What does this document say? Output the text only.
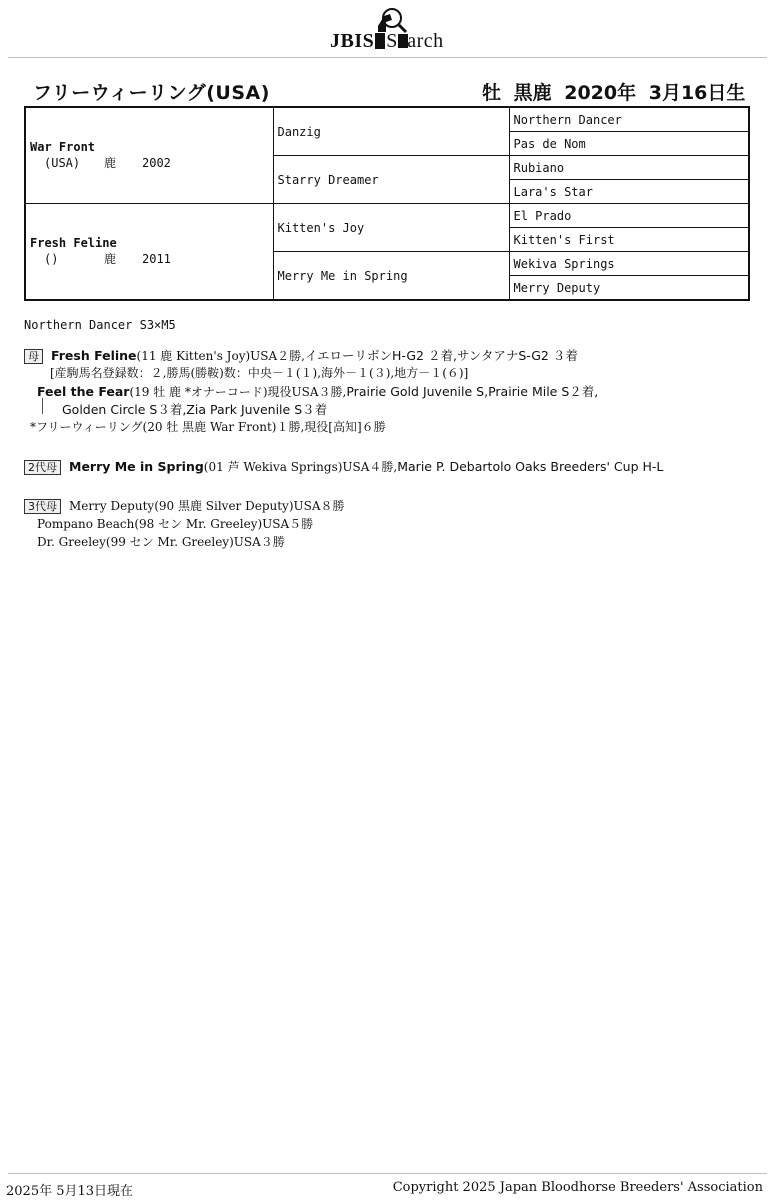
JBIS Search
フリーウィーリング(USA)	牡 黒鹿 2020年 3月16日生
War Front
(USA) 鹿 2002	Danzig	Northern Dancer
		Pas de Nom
	Starry Dreamer	Rubiano
		Lara's Star

Fresh Feline
() 鹿 2011	Kitten's Joy	El Prado
		Kitten's First
	Merry Me in Spring	Wekiva Springs
		Merry Deputy
Northern Dancer S3×M5
母 Fresh Feline(11 鹿 Kitten's Joy)USA２勝,イエローリボンH-G2 ２着,サンタアナS-G2 ３着
[産駒馬名登録数：２,勝馬(勝鞍)数：中央－１(１),海外－１(３),地方－１(６)]
Feel the Fear(19 牡 鹿 *オナーコード)現役USA３勝,Prairie Gold Juvenile S,Prairie Mile S２着,
Golden Circle S３着,Zia Park Juvenile S３着
*フリーウィーリング(20 牡 黒鹿 War Front)１勝,現役[高知]６勝
2代母 Merry Me in Spring(01 芦 Wekiva Springs)USA４勝,Marie P. Debartolo Oaks Breeders' Cup H-L
3代母 Merry Deputy(90 黒鹿 Silver Deputy)USA８勝
Pompano Beach(98 セン Mr. Greeley)USA５勝
Dr. Greeley(99 セン Mr. Greeley)USA３勝
2025年 5月13日現在	Copyright 2025 Japan Bloodhorse Breeders' Association
